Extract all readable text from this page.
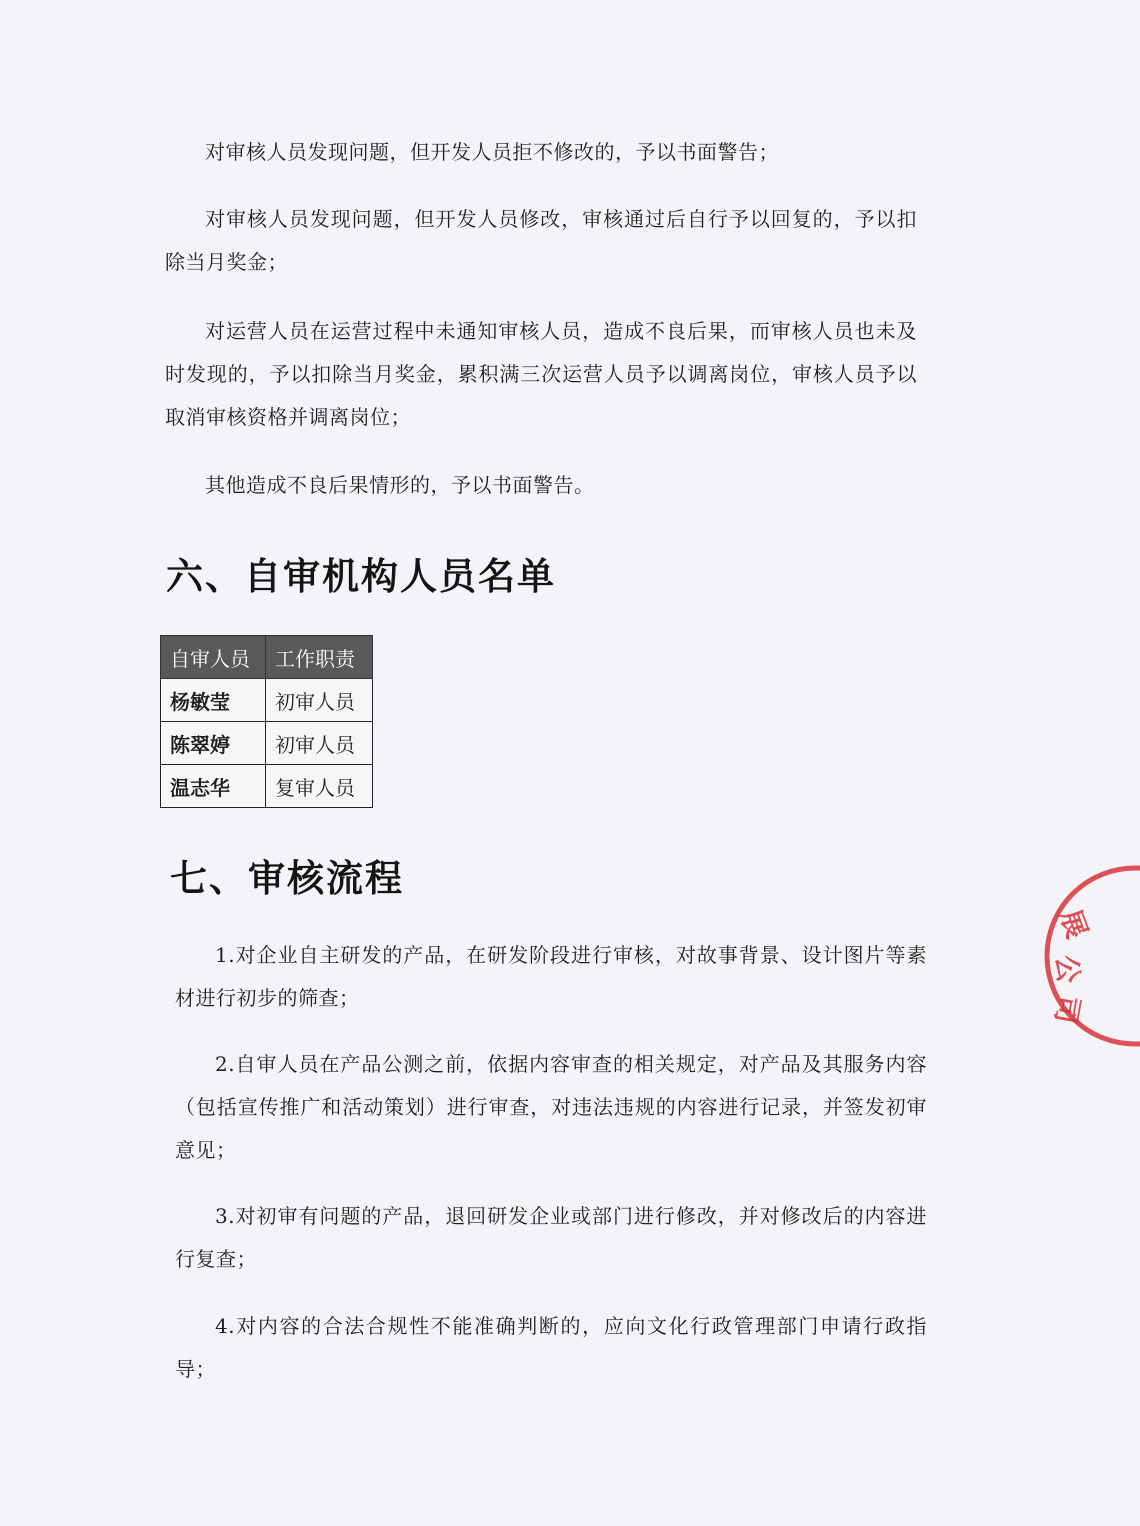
对审核人员发现问题，但开发人员拒不修改的，予以书面警告；

对审核人员发现问题，但开发人员修改，审核通过后自行予以回复的，予以扣除当月奖金；

对运营人员在运营过程中未通知审核人员，造成不良后果，而审核人员也未及时发现的，予以扣除当月奖金，累积满三次运营人员予以调离岗位，审核人员予以取消审核资格并调离岗位；

其他造成不良后果情形的，予以书面警告。

六、自审机构人员名单
自审人员	工作职责
杨敏莹	初审人员
陈翠婷	初审人员
温志华	复审人员
七、审核流程

1.对企业自主研发的产品，在研发阶段进行审核，对故事背景、设计图片等素材进行初步的筛查；

2.自审人员在产品公测之前，依据内容审查的相关规定，对产品及其服务内容（包括宣传推广和活动策划）进行审查，对违法违规的内容进行记录，并签发初审意见；

3.对初审有问题的产品，退回研发企业或部门进行修改，并对修改后的内容进行复查；

4.对内容的合法合规性不能准确判断的，应向文化行政管理部门申请行政指导；

展
公
司
